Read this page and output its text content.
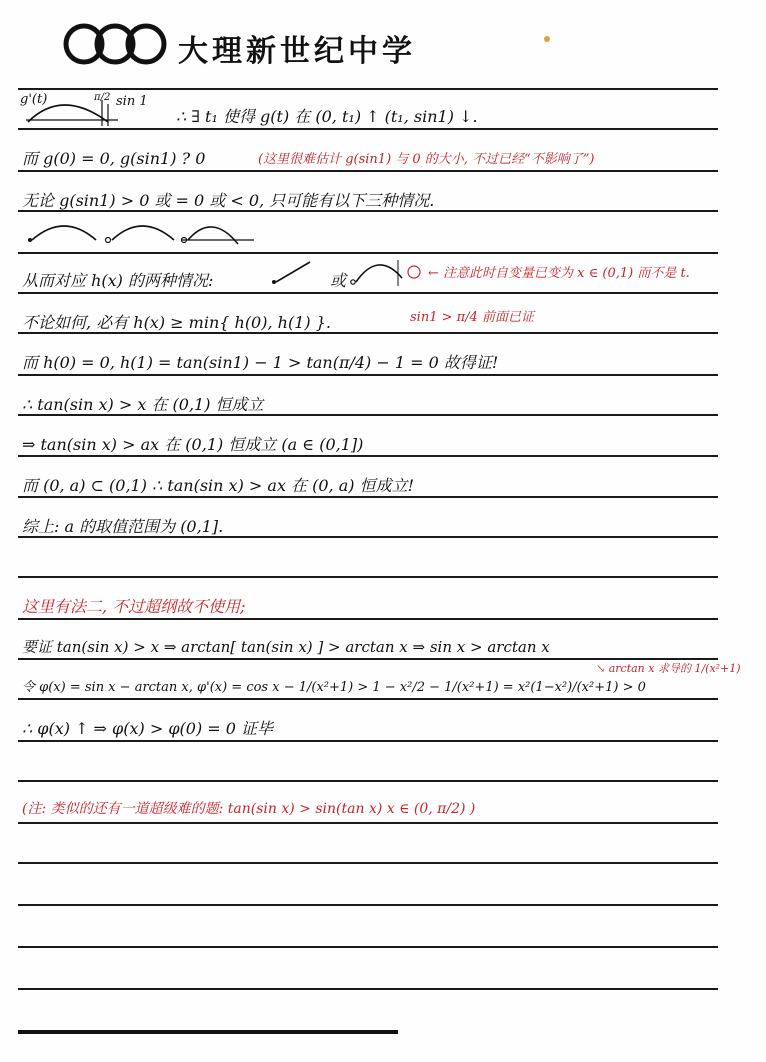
大理新世纪中学
g'(t)	π/2 sin 1
∴ ∃ t₁ 使得 g(t) 在 (0, t₁) ↑ (t₁, sin1) ↓.
而 g(0) = 0, g(sin1) ? 0	(这里很难估计 g(sin1) 与 0 的大小, 不过已经“不影响了”)
无论 g(sin1) > 0 或 = 0 或 < 0, 只可能有以下三种情况.
从而对应 h(x) 的两种情况:	或	← 注意此时自变量已变为 x ∈ (0,1) 而不是 t.
不论如何, 必有 h(x) ≥ min{ h(0), h(1) }.	sin1 > π/4 前面已证
而 h(0) = 0, h(1) = tan(sin1) − 1 > tan(π/4) − 1 = 0 故得证!
∴ tan(sin x) > x 在 (0,1) 恒成立
⇒ tan(sin x) > ax 在 (0,1) 恒成立 (a ∈ (0,1])
而 (0, a) ⊂ (0,1) ∴ tan(sin x) > ax 在 (0, a) 恒成立!
综上: a 的取值范围为 (0,1].
这里有法二, 不过超纲故不使用;
要证 tan(sin x) > x ⇒ arctan[ tan(sin x) ] > arctan x ⇒ sin x > arctan x
令 φ(x) = sin x − arctan x, φ'(x) = cos x − 1/(x²+1) > 1 − x²/2 − 1/(x²+1) = x²(1−x²)/(x²+1) > 0
↘ arctan x 求导的 1/(x²+1)
∴ φ(x) ↑ ⇒ φ(x) > φ(0) = 0 证毕
(注: 类似的还有一道超级难的题: tan(sin x) > sin(tan x) x ∈ (0, π/2) )
